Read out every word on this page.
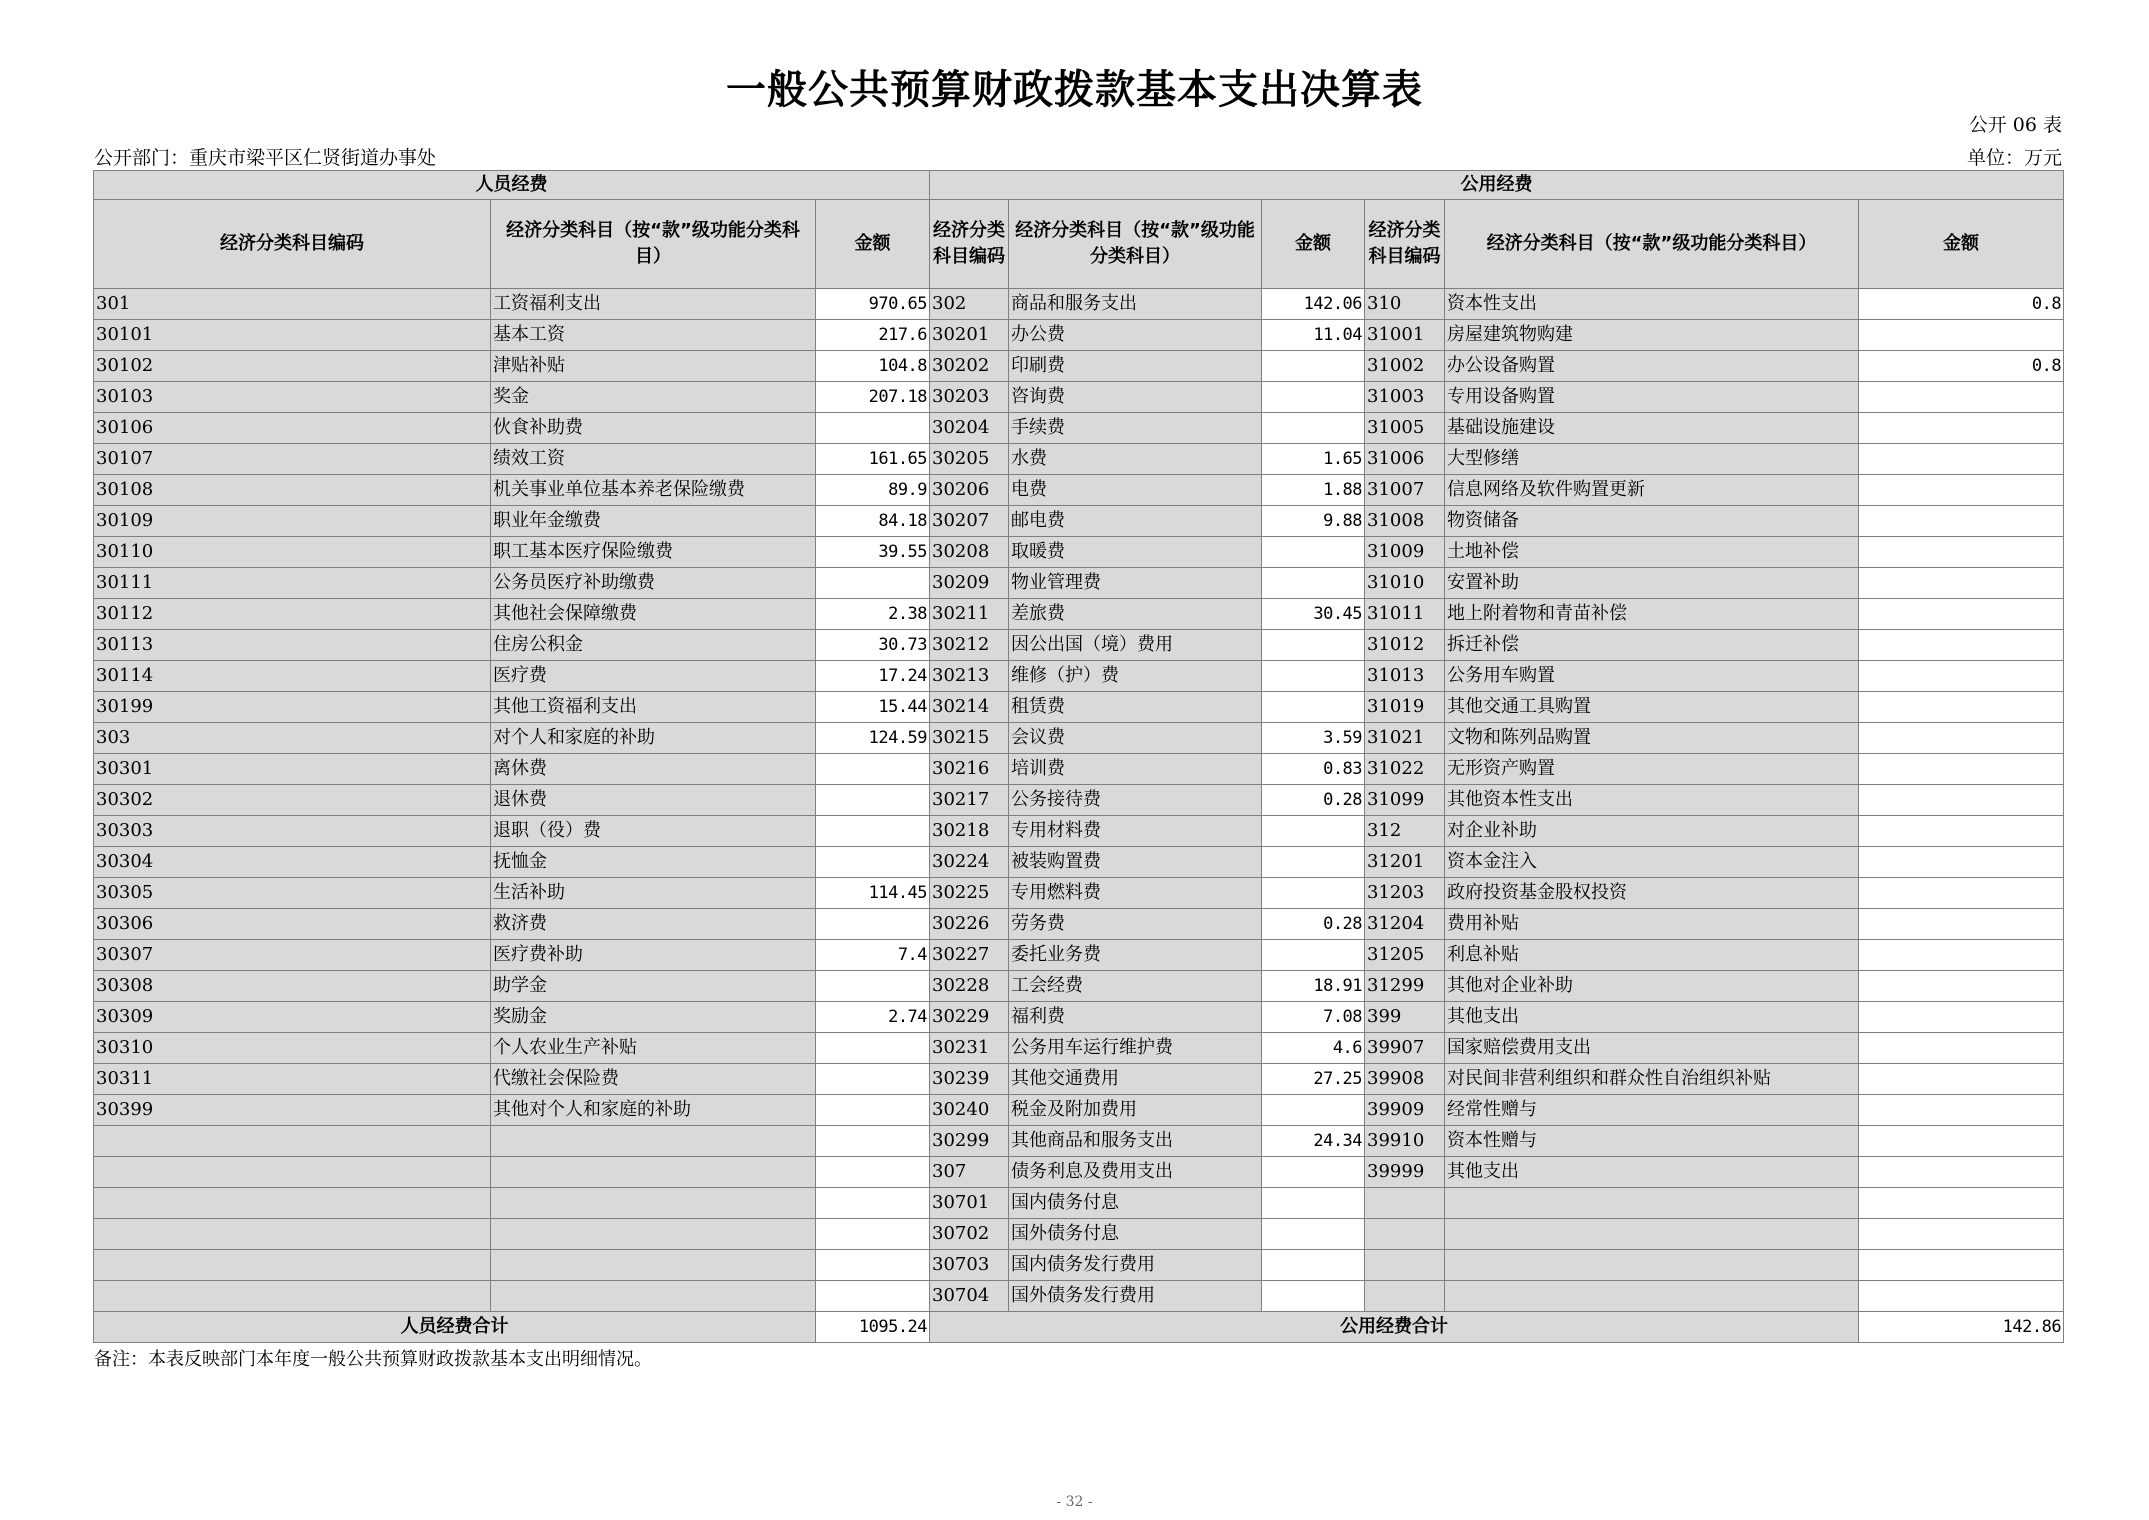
一般公共预算财政拨款基本支出决算表
公开 06 表
公开部门：重庆市梁平区仁贤街道办事处	单位：万元
人员经费			公用经费					
经济分类科目编码	经济分类科目（按“款”级功能分类科目）	金额	经济分类科目编码	经济分类科目（按“款”级功能分类科目）	金额	经济分类科目编码	经济分类科目（按“款”级功能分类科目）	金额
301	工资福利支出	970.65	302	商品和服务支出	142.06	310	资本性支出	0.8
30101	基本工资	217.6	30201	办公费	11.04	31001	房屋建筑物购建	
30102	津贴补贴	104.8	30202	印刷费		31002	办公设备购置	0.8
30103	奖金	207.18	30203	咨询费		31003	专用设备购置	
30106	伙食补助费		30204	手续费		31005	基础设施建设	
30107	绩效工资	161.65	30205	水费	1.65	31006	大型修缮	
30108	机关事业单位基本养老保险缴费	89.9	30206	电费	1.88	31007	信息网络及软件购置更新	
30109	职业年金缴费	84.18	30207	邮电费	9.88	31008	物资储备	
30110	职工基本医疗保险缴费	39.55	30208	取暖费		31009	土地补偿	
30111	公务员医疗补助缴费		30209	物业管理费		31010	安置补助	
30112	其他社会保障缴费	2.38	30211	差旅费	30.45	31011	地上附着物和青苗补偿	
30113	住房公积金	30.73	30212	因公出国（境）费用		31012	拆迁补偿	
30114	医疗费	17.24	30213	维修（护）费		31013	公务用车购置	
30199	其他工资福利支出	15.44	30214	租赁费		31019	其他交通工具购置	
303	对个人和家庭的补助	124.59	30215	会议费	3.59	31021	文物和陈列品购置	
30301	离休费		30216	培训费	0.83	31022	无形资产购置	
30302	退休费		30217	公务接待费	0.28	31099	其他资本性支出	
30303	退职（役）费		30218	专用材料费		312	对企业补助	
30304	抚恤金		30224	被装购置费		31201	资本金注入	
30305	生活补助	114.45	30225	专用燃料费		31203	政府投资基金股权投资	
30306	救济费		30226	劳务费	0.28	31204	费用补贴	
30307	医疗费补助	7.4	30227	委托业务费		31205	利息补贴	
30308	助学金		30228	工会经费	18.91	31299	其他对企业补助	
30309	奖励金	2.74	30229	福利费	7.08	399	其他支出	
30310	个人农业生产补贴		30231	公务用车运行维护费	4.6	39907	国家赔偿费用支出	
30311	代缴社会保险费		30239	其他交通费用	27.25	39908	对民间非营利组织和群众性自治组织补贴	
30399	其他对个人和家庭的补助		30240	税金及附加费用		39909	经常性赠与	
			30299	其他商品和服务支出	24.34	39910	资本性赠与	
			307	债务利息及费用支出		39999	其他支出	
			30701	国内债务付息				
			30702	国外债务付息				
			30703	国内债务发行费用				
			30704	国外债务发行费用				
人员经费合计		1095.24	公用经费合计					142.86
备注：本表反映部门本年度一般公共预算财政拨款基本支出明细情况。
- 32 -
